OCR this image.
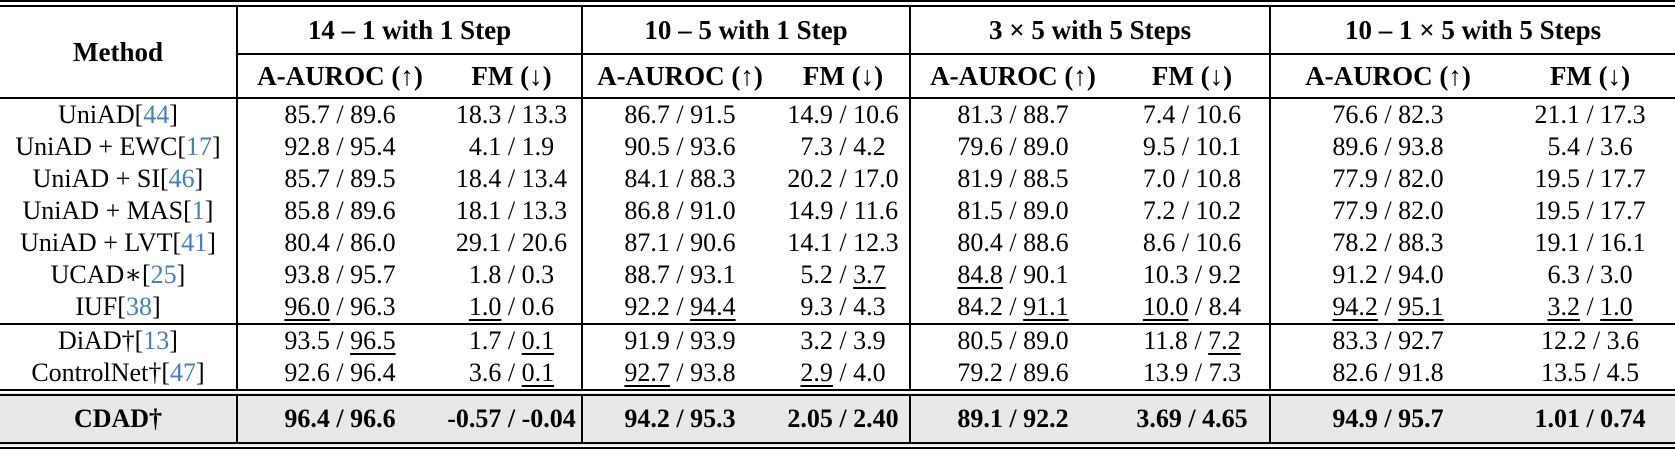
Method	14 – 1 with 1 Step		10 – 5 with 1 Step		3 × 5 with 5 Steps		10 – 1 × 5 with 5 Steps	
	A-AUROC (↑)	FM (↓)	A-AUROC (↑)	FM (↓)	A-AUROC (↑)	FM (↓)	A-AUROC (↑)	FM (↓)
UniAD[44]	85.7 / 89.6	18.3 / 13.3	86.7 / 91.5	14.9 / 10.6	81.3 / 88.7	7.4 / 10.6	76.6 / 82.3	21.1 / 17.3
UniAD + EWC[17]	92.8 / 95.4	4.1 / 1.9	90.5 / 93.6	7.3 / 4.2	79.6 / 89.0	9.5 / 10.1	89.6 / 93.8	5.4 / 3.6
UniAD + SI[46]	85.7 / 89.5	18.4 / 13.4	84.1 / 88.3	20.2 / 17.0	81.9 / 88.5	7.0 / 10.8	77.9 / 82.0	19.5 / 17.7
UniAD + MAS[1]	85.8 / 89.6	18.1 / 13.3	86.8 / 91.0	14.9 / 11.6	81.5 / 89.0	7.2 / 10.2	77.9 / 82.0	19.5 / 17.7
UniAD + LVT[41]	80.4 / 86.0	29.1 / 20.6	87.1 / 90.6	14.1 / 12.3	80.4 / 88.6	8.6 / 10.6	78.2 / 88.3	19.1 / 16.1
UCAD∗[25]	93.8 / 95.7	1.8 / 0.3	88.7 / 93.1	5.2 / 3.7	84.8 / 90.1	10.3 / 9.2	91.2 / 94.0	6.3 / 3.0
IUF[38]	96.0 / 96.3	1.0 / 0.6	92.2 / 94.4	9.3 / 4.3	84.2 / 91.1	10.0 / 8.4	94.2 / 95.1	3.2 / 1.0
DiAD†[13]	93.5 / 96.5	1.7 / 0.1	91.9 / 93.9	3.2 / 3.9	80.5 / 89.0	11.8 / 7.2	83.3 / 92.7	12.2 / 3.6
ControlNet†[47]	92.6 / 96.4	3.6 / 0.1	92.7 / 93.8	2.9 / 4.0	79.2 / 89.6	13.9 / 7.3	82.6 / 91.8	13.5 / 4.5
CDAD†	96.4 / 96.6	-0.57 / -0.04	94.2 / 95.3	2.05 / 2.40	89.1 / 92.2	3.69 / 4.65	94.9 / 95.7	1.01 / 0.74
